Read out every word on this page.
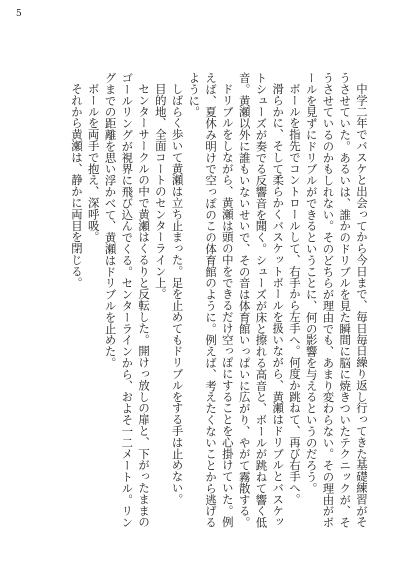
5

中学二年でバスケと出会ってから今日まで、毎日毎日繰り返し行ってきた基礎練習がそうさせていた。あるいは、誰かのドリブルを見た瞬間に脳に焼きついたテクニックが、そうさせているのかもしれない。そのどちらが理由でも、あまり変わらない。その理由がボールを見ずにドリブルができるということに、何の影響を与えるというのだろう。

ボールを指先でコントロールして、右手から左手へ。何度か跳ねて、再び右手へ。

滑らかに、そして柔らかくバスケットボールを扱いながら、黄瀬はドリブルとバスケットシューズが奏でる反響音を聞く。シューズが床と擦れる高音と、ボールが跳ねて響く低音。黄瀬以外に誰もいないせいで、その音は体育館いっぱいに広がり、やがて霧散する。

ドリブルをしながら、黄瀬は頭の中をできるだけ空っぽにすることを心掛けていた。例えば、夏休み明けで空っぽのこの体育館のように。例えば、考えたくないことから逃げるように。

しばらく歩いて黄瀬は立ち止まった。足を止めてもドリブルをする手は止めない。

目的地、全面コートのセンターライン上。

センターサークルの中で黄瀬はくるりと反転した。開けっ放しの扉と、下がったままのゴールリングが視界に飛び込んでくる。センターラインから、およそ一二メートル。リングまでの距離を思い浮かべて、黄瀬はドリブルを止めた。

ボールを両手で抱え、深呼吸。

それから黄瀬は、静かに両目を閉じる。
